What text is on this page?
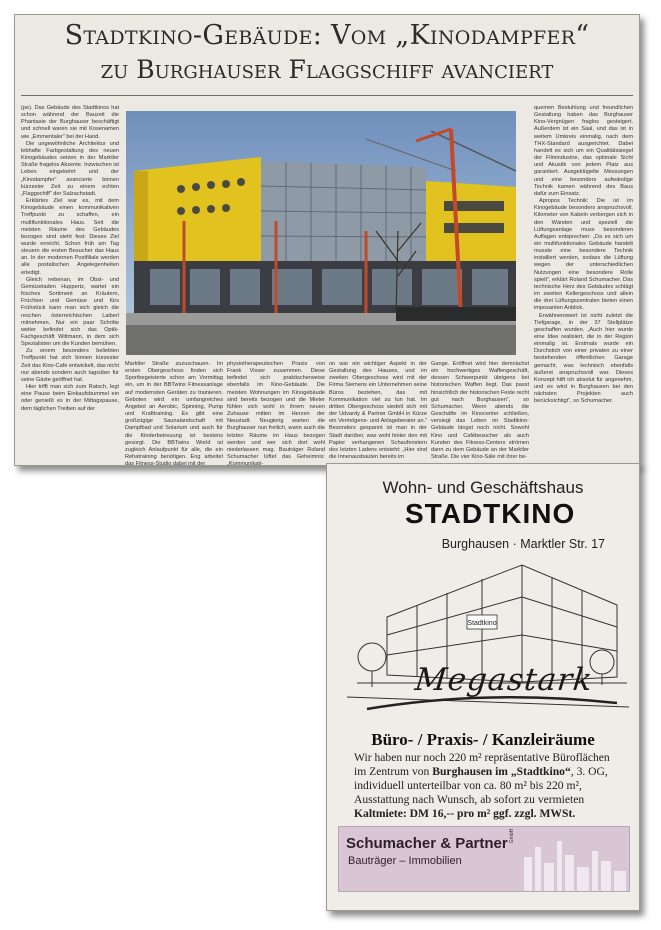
Stadtkino-Gebäude: Vom „Kinodampfer“
zu Burghauser Flaggschiff avanciert

(pe). Das Gebäude des Stadtkinos hat schon während der Bauzeit die Phantasie der Burghauser beschäftigt und schnell waren sie mit Kosenamen wie „Emmentaler“ bei der Hand.

Die ungewöhnliche Architektur und lebhafte Farbgestaltung des neuen Kinogebäudes setzen in der Marktler Straße fragelos Akzente. Inzwischen ist Leben eingekehrt und der „Kinodampfer“ avancierte binnen kürzester Zeit zu einem echten „Flaggschiff“ der Salzachstadt.

Erklärtes Ziel war es, mit dem Kinogebäude einen kommunikativen Treffpunkt zu schaffen, ein multifunktionales Haus. Seit die meisten Räume des Gebäudes bezogen sind steht fest: Dieses Ziel wurde erreicht. Schon früh am Tag steuern die ersten Besucher das Haus an. In der modernen Postfiliale werden alle postalischen Angelegenheiten erledigt.

Gleich nebenan, im Obst- und Gemüseladen Huppertz, wartet ein frisches Sortiment an Kräutern, Früchten und Gemüse und fürs Frühstück kann man sich gleich die reschen österreichischen Laiberl mitnehmen. Nur ein paar Schritte weiter befindet sich das Optik-Fachgeschäft Wittmann, in dem sich Spezialisten um die Kunden bemühen.

Zu einem besonders beliebten Treffpunkt hat sich binnen kürzester Zeit das Kino-Café entwickelt, das nicht nur abends sondern auch tagsüber für seine Gäste geöffnet hat.

Hier trifft man sich zum Ratsch, legt eine Pause beim Einkaufsbummel ein oder genießt es in der Mittagspause, dem täglichen Treiben auf der

Marktler Straße zuzuschauen. Im ersten Obergeschoss finden sich Sportbegeisterte schon am Vormittag ein, um in der BBTwins Fitnessanlage auf modernsten Geräten zu trainieren. Geboten wird ein umfangreiches Angebot an Aerobic, Spinning, Pump und Krafttraining. Es gibt eine großzügige Saunalandschaft mit Dampfbad und Solarium und auch für die Kinderbetreuung ist bestens gesorgt. Die BBTwins World ist zugleich Anlaufpunkt für alle, die ein Rehatraining benötigen. Eng arbeitet das Fitness-Studio dabei mit der

physiotherapeutischen Praxis von Frank Visser zusammen. Diese befindet sich praktischerweise ebenfalls im Kino-Gebäude. Die meisten Wohnungen im Kinogebäude sind bereits bezogen und die Mieter fühlen sich wohl in ihrem neuen Zuhause mitten im Herzen der Neustadt. Neugierig warten die Burghauser nun freilich, wann auch die letzten Räume im Haus bezogen werden und wer sich dort wohl niederlassen mag. Bauträger Roland Schumacher lüftet das Geheimnis: „Kommunikati-

on war ein wichtiger Aspekt in der Gestaltung des Hauses, und im zweiten Obergeschoss wird mit der Firma Siemens ein Unternehmen seine Büros beziehen, das mit Kommunikation viel zu tun hat. Im dritten Obergeschoss siedelt sich mit der Udvardy & Partner GmbH in Kürze ein Vermögens- und Anlageberater an.“ Besonders gespannt ist man in der Stadt darüber, was wohl hinter den mit Papier verhangenen Schaufenstern des letzten Ladens entsteht: „Hier sind die Innenausbauten bereits im

Gange. Eröffnet wird hier demnächst ein hochwertiges Waffengeschäft, dessen Schwerpunkt übrigens bei historischen Waffen liegt. Das passt hinsichtlich der historischen Feste recht gut nach Burghausen“, so Schumacher. Wenn abends die Geschäfte im Kinocenter schließen, versiegt das Leben im Stadtkino-Gebäude längst noch nicht. Sowohl Kino und Cafébesucher als auch Kunden des Fitness-Centers strömen dann zu dem Gebäude an der Marktler Straße. Die vier Kino-Säle mit ihrer be-

quemen Bestuhlung und freundlichen Gestaltung haben das Burghauser Kino-Vergnügen fraglos gesteigert. Außerdem ist ein Saal, und das ist in weitem Umkreis einmalig, nach dem THX-Standard ausgerichtet. Dabei handelt es sich um ein Qualitätssiegel der Filmindustrie, das optimale Sicht und Akustik von jedem Platz aus garantiert. Ausgeklügelte Messungen und eine besonders aufwändige Technik kamen während des Baus dafür zum Einsatz.

Apropos Technik: Die ist im Kinogebäude besonders anspruchsvoll. Kilometer von Kabeln verbergen sich in den Wänden und speziell die Lüftungsanlage muss besonderen Auflagen entsprechen: „Da es sich um ein multifunktionales Gebäude handelt musste eine besondere Technik installiert werden, sodass die Lüftung wegen der unterschiedlichen Nutzungen eine besondere Rolle spielt“, erklärt Roland Schumacher. Das technische Herz des Gebäudes schlägt im zweiten Kellergeschoss und allein die drei Lüftungszentralen bieten einen imposanten Anblick.

Erwähnenswert ist nicht zuletzt die Tiefgarage, in der 37 Stellplätze geschaffen wurden. „Auch hier wurde eine Idee realisiert, die in der Region einmalig ist. Erstmals wurde ein Durchstich von einer privaten zu einer bestehenden öffentlichen Garage gemacht, was technisch ebenfalls äußerst anspruchsvoll war. Dieses Konzept hilft ich absolut für angenehm, und es wird in Burghausen bei den nächsten Projekten auch berücksichtigt“, so Schumacher.

Wohn- und Geschäftshaus
STADTKINO
Burghausen · Marktler Str. 17
Stadtkino
Megastark
Büro- / Praxis- / Kanzleiräume

Wir haben nur noch 220 m² repräsentative Büroflächen im Zentrum von Burghausen im „Stadtkino“, 3. OG, individuell unterteilbar von ca. 80 m² bis 220 m², Ausstattung nach Wunsch, ab sofort zu vermieten

Kaltmiete: DM 16,-- pro m² ggf. zzgl. MWSt.

Schumacher & Partner GmbH
Bauträger – Immobilien
